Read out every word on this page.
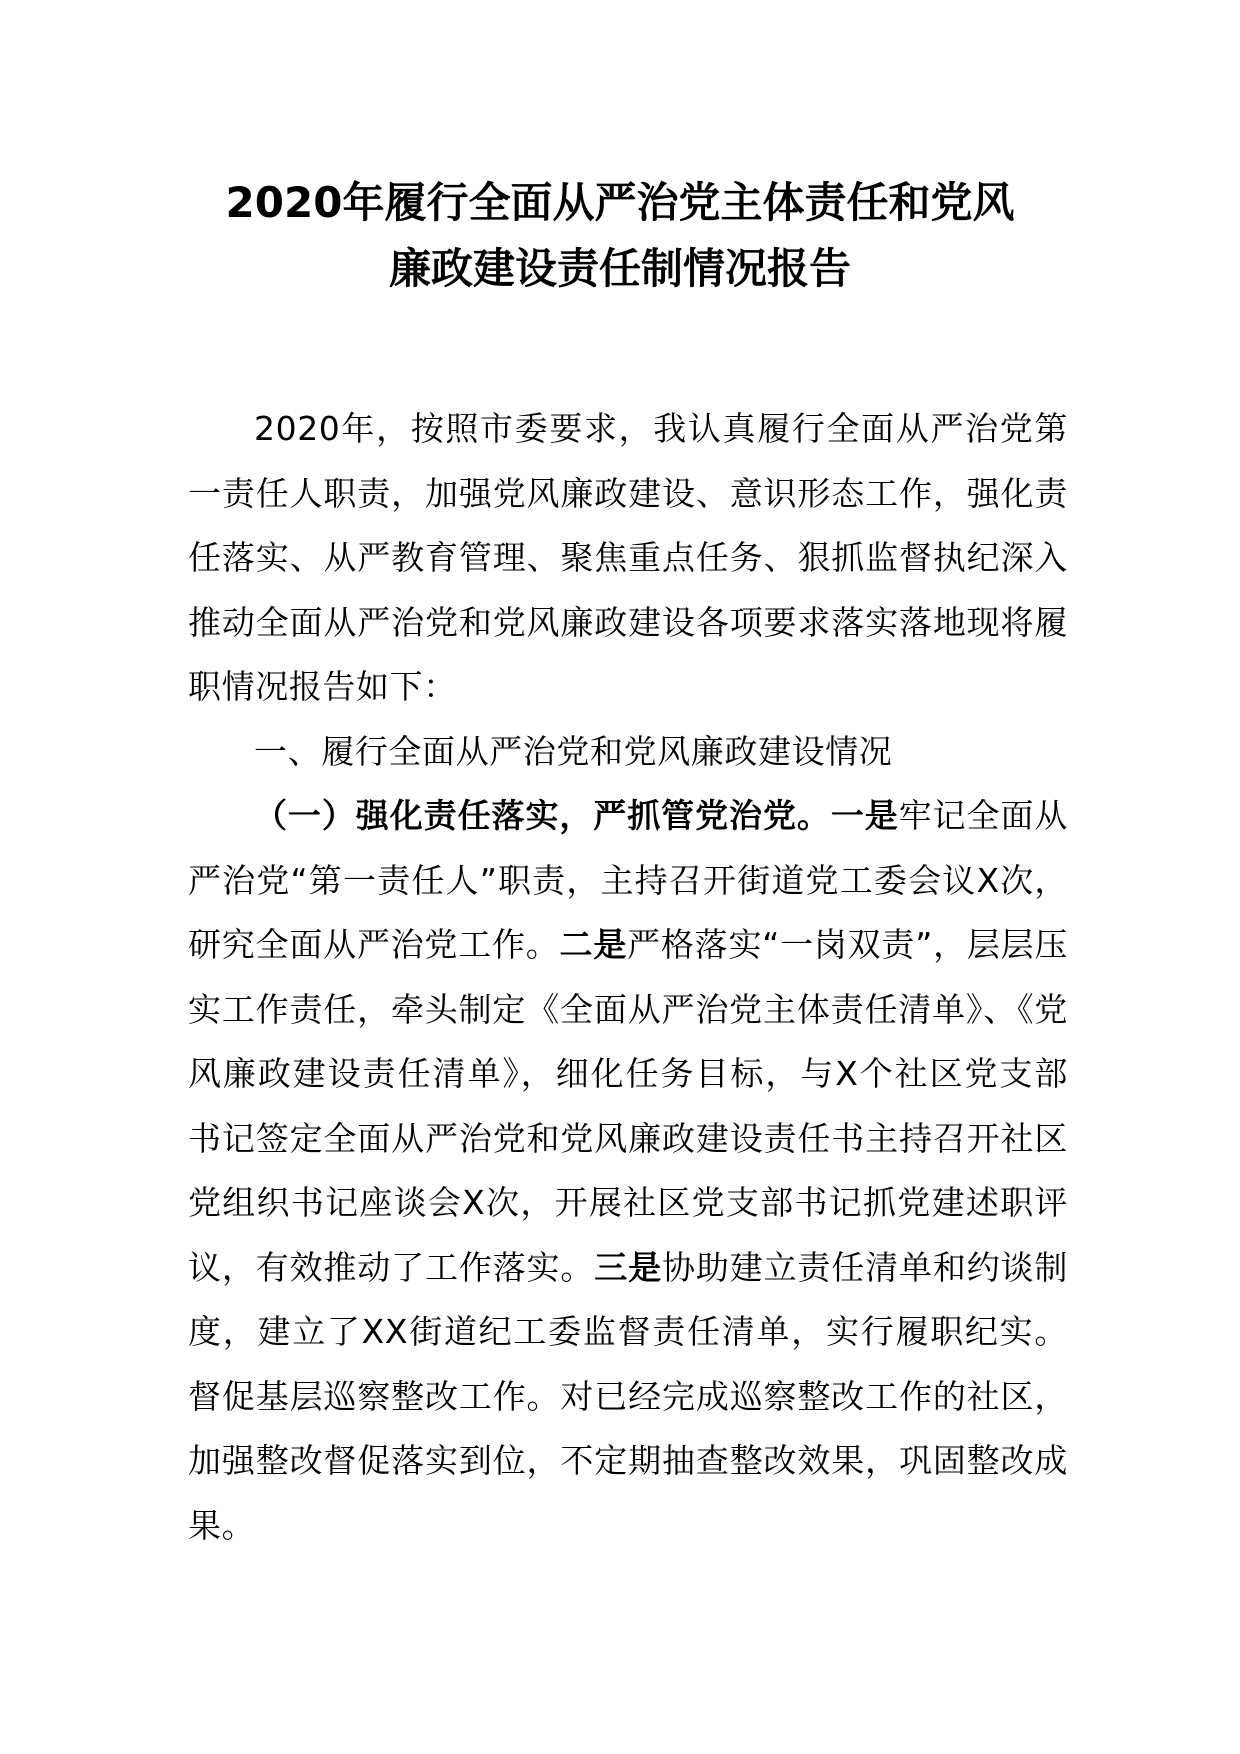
2020年履行全面从严治党主体责任和党风
廉政建设责任制情况报告

2020年，按照市委要求，我认真履行全面从严治党第一责任人职责，加强党风廉政建设、意识形态工作，强化责任落实、从严教育管理、聚焦重点任务、狠抓监督执纪深入推动全面从严治党和党风廉政建设各项要求落实落地现将履职情况报告如下：

一、履行全面从严治党和党风廉政建设情况

（一）强化责任落实，严抓管党治党。一是牢记全面从严治党“第一责任人”职责，主持召开街道党工委会议X次，研究全面从严治党工作。二是严格落实“一岗双责”，层层压实工作责任，牵头制定《全面从严治党主体责任清单》、《党风廉政建设责任清单》，细化任务目标，与X个社区党支部书记签定全面从严治党和党风廉政建设责任书主持召开社区党组织书记座谈会X次，开展社区党支部书记抓党建述职评议，有效推动了工作落实。三是协助建立责任清单和约谈制度，建立了XX街道纪工委监督责任清单，实行履职纪实。督促基层巡察整改工作。对已经完成巡察整改工作的社区，加强整改督促落实到位，不定期抽查整改效果，巩固整改成果。
